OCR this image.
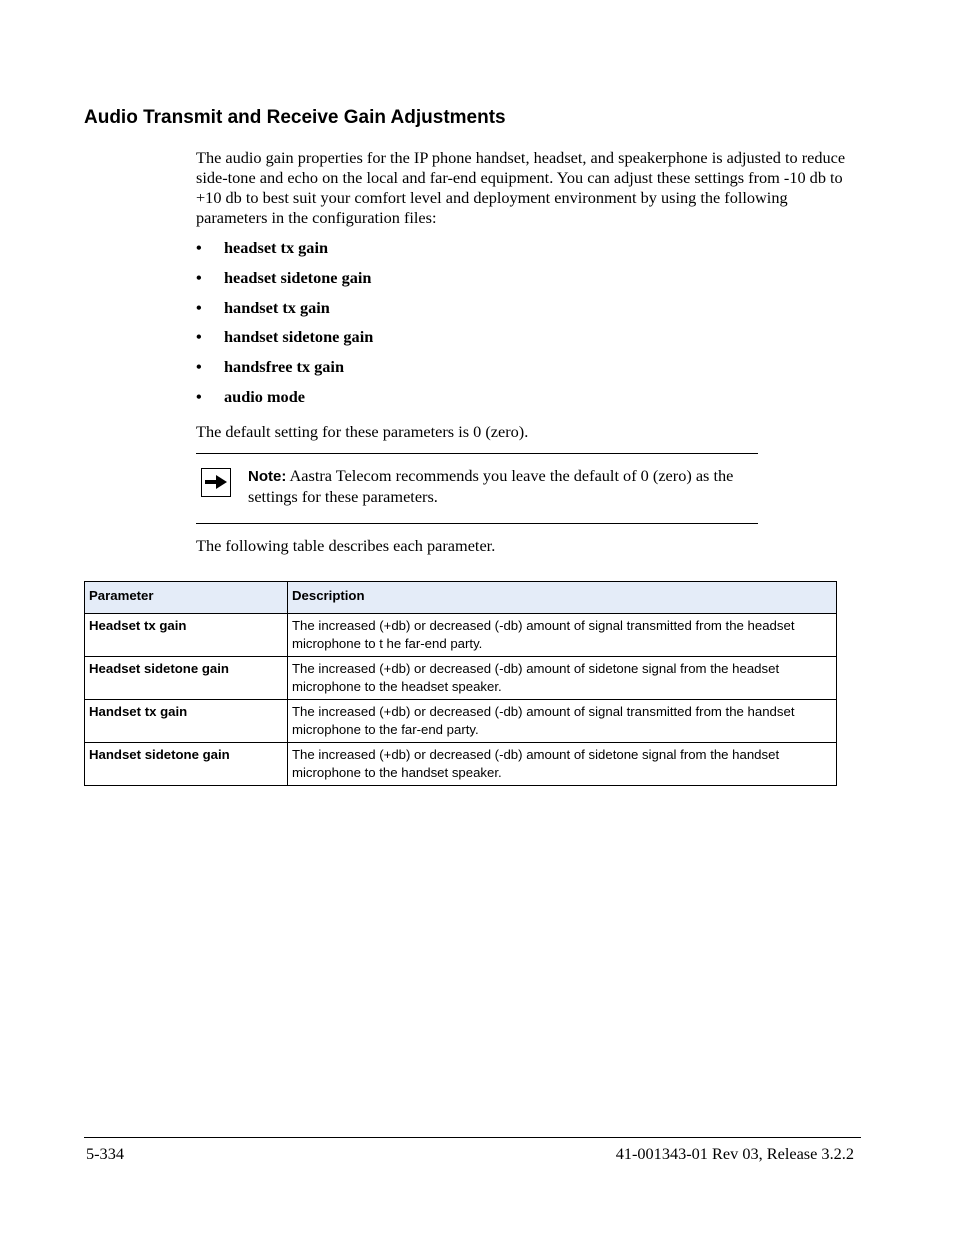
Audio Transmit and Receive Gain Adjustments

The audio gain properties for the IP phone handset, headset, and speakerphone is adjusted to reduce side-tone and echo on the local and far-end equipment. You can adjust these settings from -10 db to +10 db to best suit your comfort level and deployment environment by using the following parameters in the configuration files:

• headset tx gain
• headset sidetone gain
• handset tx gain
• handset sidetone gain
• handsfree tx gain
• audio mode

The default setting for these parameters is 0 (zero).

Note: Aastra Telecom recommends you leave the default of 0 (zero) as the settings for these parameters.

The following table describes each parameter.

Parameter	Description
Headset tx gain	The increased (+db) or decreased (-db) amount of signal transmitted from the headset microphone to t he far-end party.
Headset sidetone gain	The increased (+db) or decreased (-db) amount of sidetone signal from the headset microphone to the headset speaker.
Handset tx gain	The increased (+db) or decreased (-db) amount of signal transmitted from the handset microphone to the far-end party.
Handset sidetone gain	The increased (+db) or decreased (-db) amount of sidetone signal from the handset microphone to the handset speaker.

5-334	41-001343-01 Rev 03, Release 3.2.2
